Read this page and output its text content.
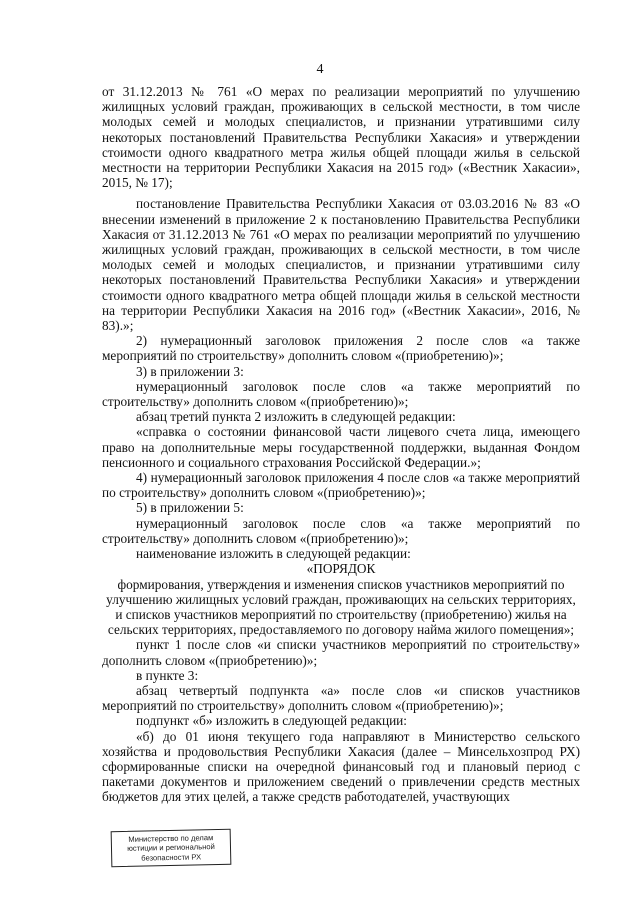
4

от 31.12.2013 № 761 «О мерах по реализации мероприятий по улучшению жилищных условий граждан, проживающих в сельской местности, в том числе молодых семей и молодых специалистов, и признании утратившими силу некоторых постановлений Правительства Республики Хакасия» и утверждении стоимости одного квадратного метра жилья общей площади жилья в сельской местности на территории Республики Хакасия на 2015 год» («Вестник Хакасии», 2015, № 17);

постановление Правительства Республики Хакасия от 03.03.2016 № 83 «О внесении изменений в приложение 2 к постановлению Правительства Республики Хакасия от 31.12.2013 № 761 «О мерах по реализации мероприятий по улучшению жилищных условий граждан, проживающих в сельской местности, в том числе молодых семей и молодых специалистов, и признании утратившими силу некоторых постановлений Правительства Республики Хакасия» и утверждении стоимости одного квадратного метра общей площади жилья в сельской местности на территории Республики Хакасия на 2016 год» («Вестник Хакасии», 2016, № 83).»;

2) нумерационный заголовок приложения 2 после слов «а также мероприятий по строительству» дополнить словом «(приобретению)»;

3) в приложении 3:

нумерационный заголовок после слов «а также мероприятий по строительству» дополнить словом «(приобретению)»;

абзац третий пункта 2 изложить в следующей редакции:

«справка о состоянии финансовой части лицевого счета лица, имеющего право на дополнительные меры государственной поддержки, выданная Фондом пенсионного и социального страхования Российской Федерации.»;

4) нумерационный заголовок приложения 4 после слов «а также мероприятий по строительству» дополнить словом «(приобретению)»;

5) в приложении 5:

нумерационный заголовок после слов «а также мероприятий по строительству» дополнить словом «(приобретению)»;

наименование изложить в следующей редакции:

«ПОРЯДОК

формирования, утверждения и изменения списков участников мероприятий по улучшению жилищных условий граждан, проживающих на сельских территориях, и списков участников мероприятий по строительству (приобретению) жилья на сельских территориях, предоставляемого по договору найма жилого помещения»;

пункт 1 после слов «и списки участников мероприятий по строительству» дополнить словом «(приобретению)»;

в пункте 3:

абзац четвертый подпункта «а» после слов «и списков участников мероприятий по строительству» дополнить словом «(приобретению)»;

подпункт «б» изложить в следующей редакции:

«б) до 01 июня текущего года направляют в Министерство сельского хозяйства и продовольствия Республики Хакасия (далее – Минсельхозпрод РХ) сформированные списки на очередной финансовый год и плановый период с пакетами документов и приложением сведений о привлечении средств местных бюджетов для этих целей, а также средств работодателей, участвующих

Министерство по делам
юстиции и региональной
безопасности РХ
